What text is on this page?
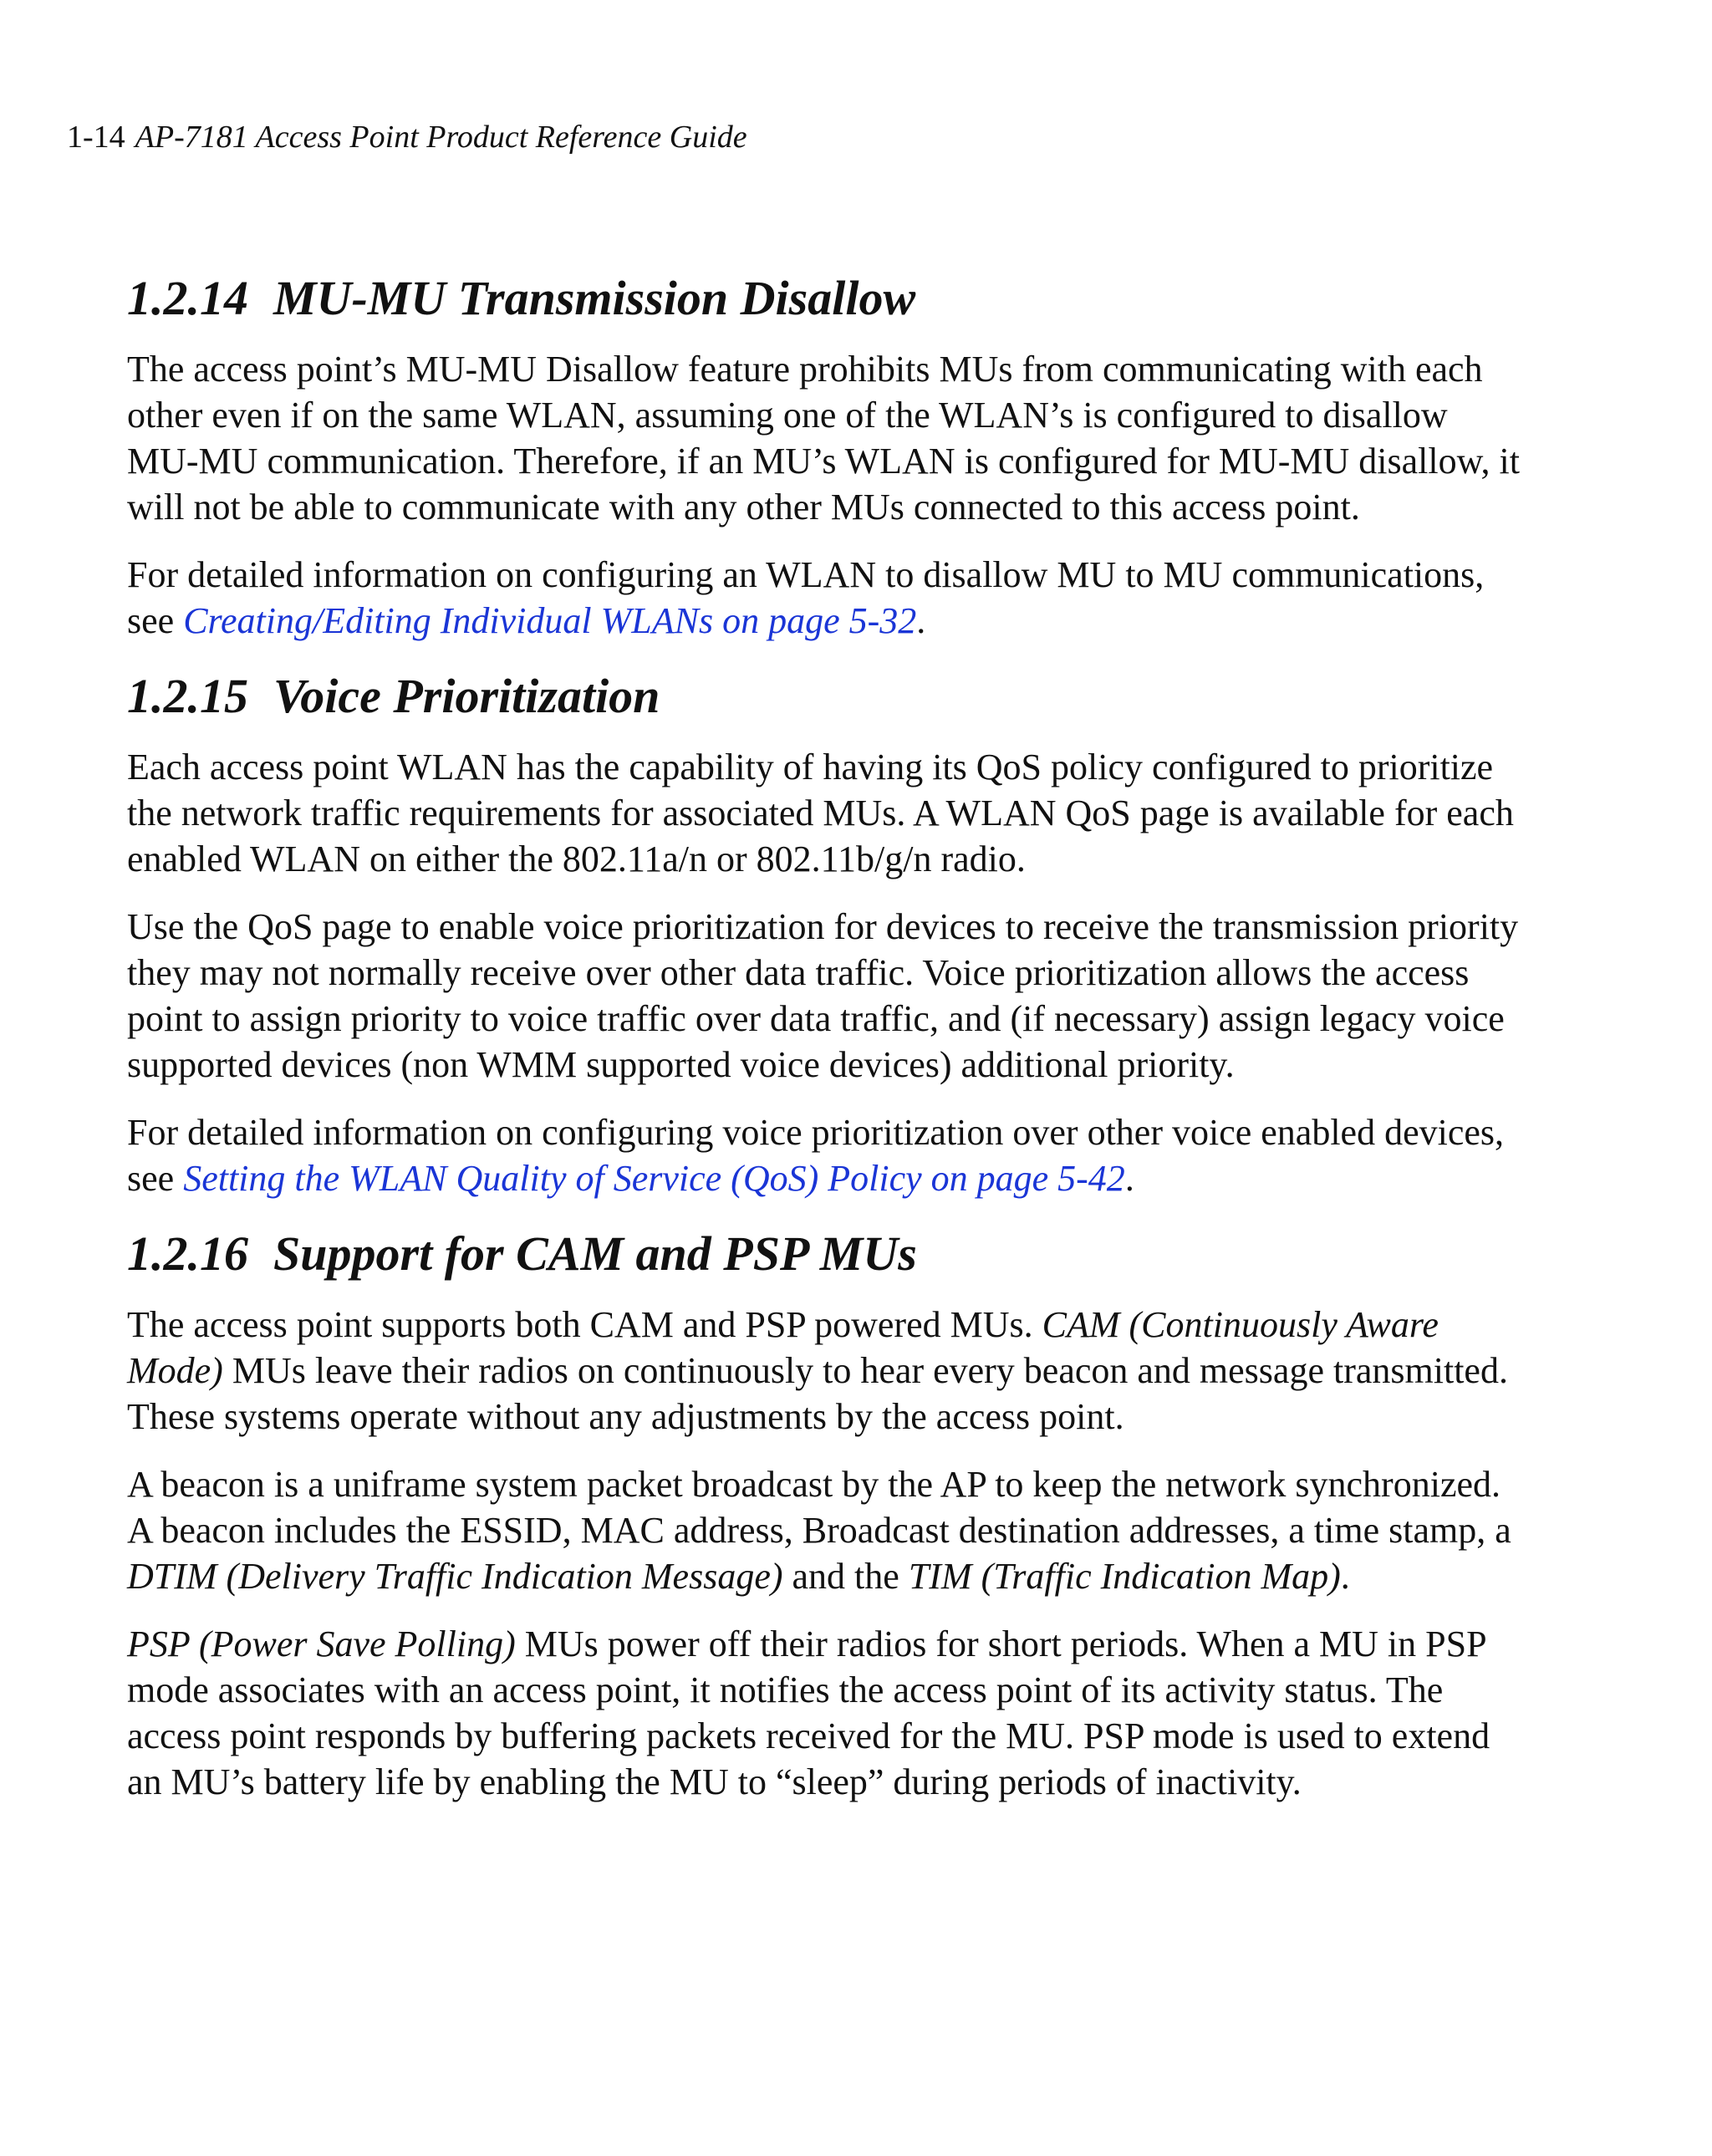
1-14 AP-7181 Access Point Product Reference Guide
1.2.14 MU-MU Transmission Disallow

The access point’s MU-MU Disallow feature prohibits MUs from communicating with each other even if on the same WLAN, assuming one of the WLAN’s is configured to disallow MU-MU communication. Therefore, if an MU’s WLAN is configured for MU-MU disallow, it will not be able to communicate with any other MUs connected to this access point.

For detailed information on configuring an WLAN to disallow MU to MU communications, see Creating/Editing Individual WLANs on page 5-32.

1.2.15 Voice Prioritization

Each access point WLAN has the capability of having its QoS policy configured to prioritize the network traffic requirements for associated MUs. A WLAN QoS page is available for each enabled WLAN on either the 802.11a/n or 802.11b/g/n radio.

Use the QoS page to enable voice prioritization for devices to receive the transmission priority they may not normally receive over other data traffic. Voice prioritization allows the access point to assign priority to voice traffic over data traffic, and (if necessary) assign legacy voice supported devices (non WMM supported voice devices) additional priority.

For detailed information on configuring voice prioritization over other voice enabled devices, see Setting the WLAN Quality of Service (QoS) Policy on page 5-42.

1.2.16 Support for CAM and PSP MUs

The access point supports both CAM and PSP powered MUs. CAM (Continuously Aware Mode) MUs leave their radios on continuously to hear every beacon and message transmitted. These systems operate without any adjustments by the access point.

A beacon is a uniframe system packet broadcast by the AP to keep the network synchronized. A beacon includes the ESSID, MAC address, Broadcast destination addresses, a time stamp, a DTIM (Delivery Traffic Indication Message) and the TIM (Traffic Indication Map).

PSP (Power Save Polling) MUs power off their radios for short periods. When a MU in PSP mode associates with an access point, it notifies the access point of its activity status. The access point responds by buffering packets received for the MU. PSP mode is used to extend an MU’s battery life by enabling the MU to “sleep” during periods of inactivity.
